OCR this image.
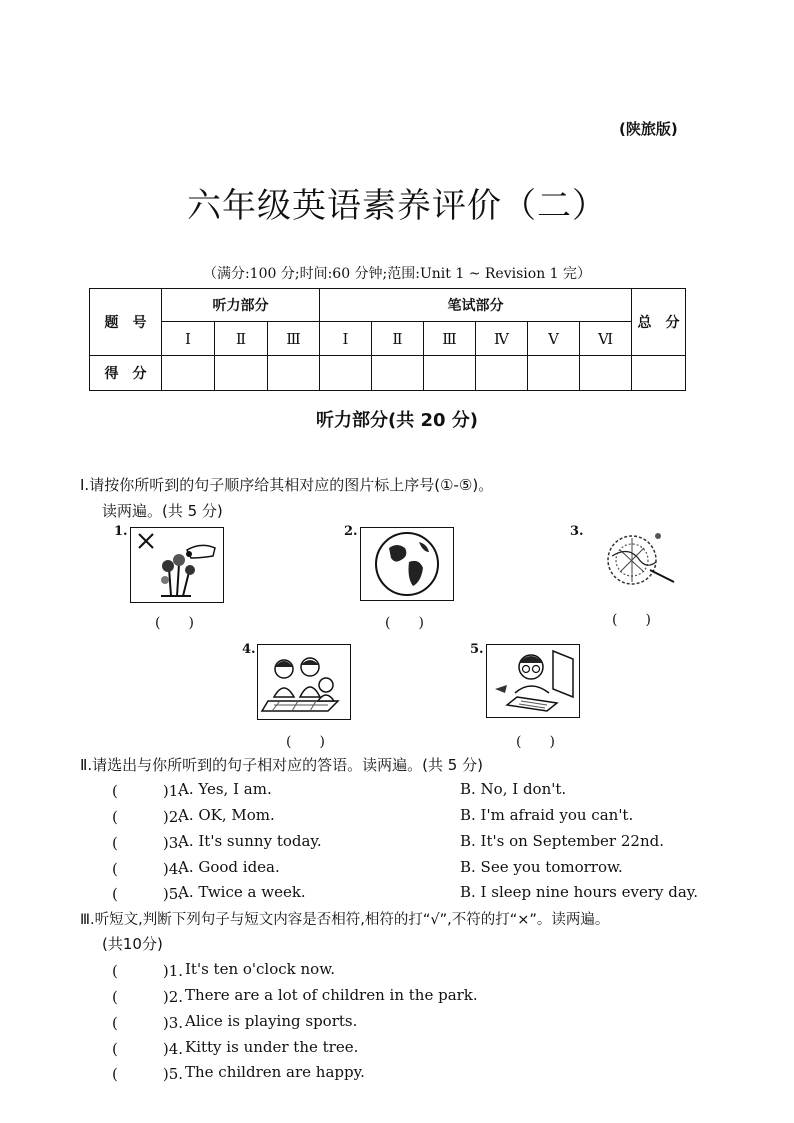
(陕旅版)
六年级英语素养评价（二）
（满分:100 分;时间:60 分钟;范围:Unit 1 ~ Revision 1 完）
题　号	听力部分			笔试部分						总　分
	Ⅰ	Ⅱ	Ⅲ	Ⅰ	Ⅱ	Ⅲ	Ⅳ	Ⅴ	Ⅵ	
得　分										
听力部分(共 20 分)
Ⅰ.请按你所听到的句子顺序给其相对应的图片标上序号(①-⑤)。
读两遍。(共 5 分)
1.
(　　)
2.
(　　)
3.
(　　)
4.
(　　)
5.
(　　)
Ⅱ.请选出与你所听到的句子相对应的答语。读两遍。(共 5 分)
(　　　)1.
A. Yes, I am.	B. No, I don't.
(　　　)2.
A. OK, Mom.	B. I'm afraid you can't.
(　　　)3.
A. It's sunny today.	B. It's on September 22nd.
(　　　)4.
A. Good idea.	B. See you tomorrow.
(　　　)5.
A. Twice a week.	B. I sleep nine hours every day.
Ⅲ.听短文,判断下列句子与短文内容是否相符,相符的打“√”,不符的打“×”。读两遍。
(共10分)
(　　　)1. It's ten o'clock now.
(　　　)2. There are a lot of children in the park.
(　　　)3. Alice is playing sports.
(　　　)4. Kitty is under the tree.
(　　　)5. The children are happy.
